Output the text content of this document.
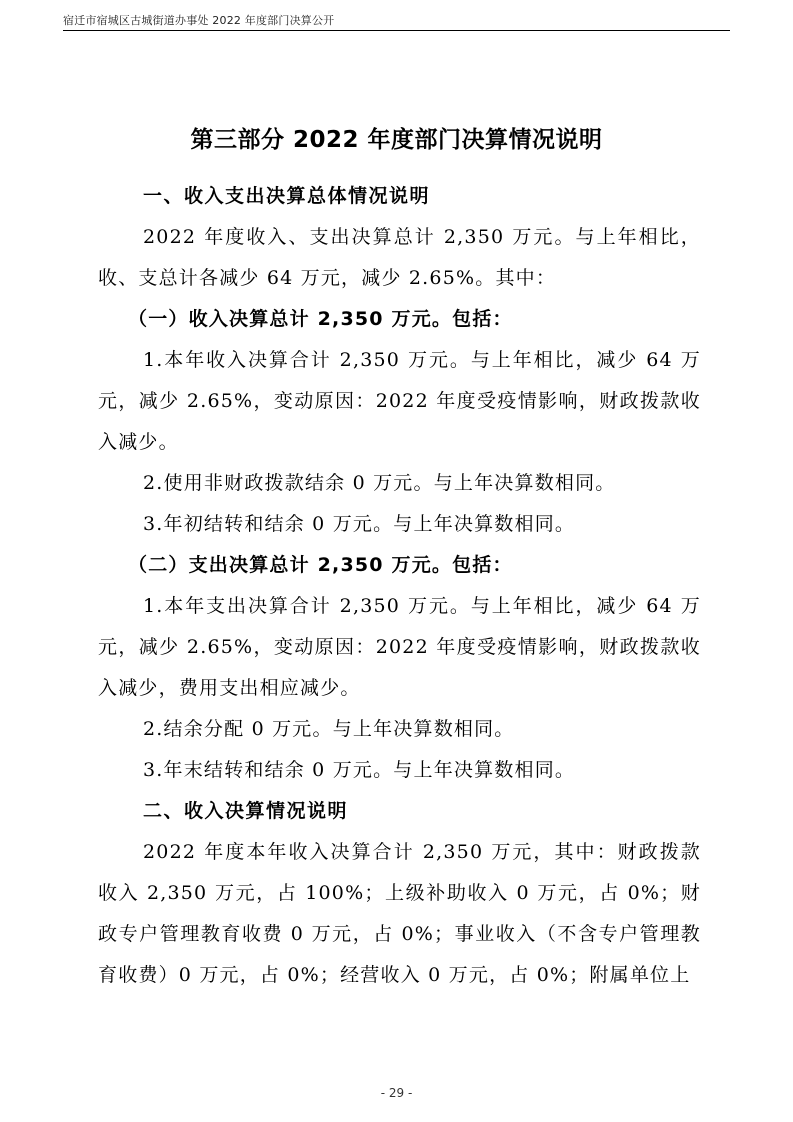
宿迁市宿城区古城街道办事处 2022 年度部门决算公开
第三部分 2022 年度部门决算情况说明

一、收入支出决算总体情况说明

2022 年度收入、支出决算总计 2,350 万元。与上年相比，收、支总计各减少 64 万元，减少 2.65%。其中：

（一）收入决算总计 2,350 万元。包括：

1.本年收入决算合计 2,350 万元。与上年相比，减少 64 万元，减少 2.65%，变动原因：2022 年度受疫情影响，财政拨款收入减少。

2.使用非财政拨款结余 0 万元。与上年决算数相同。

3.年初结转和结余 0 万元。与上年决算数相同。

（二）支出决算总计 2,350 万元。包括：

1.本年支出决算合计 2,350 万元。与上年相比，减少 64 万元，减少 2.65%，变动原因：2022 年度受疫情影响，财政拨款收入减少，费用支出相应减少。

2.结余分配 0 万元。与上年决算数相同。

3.年末结转和结余 0 万元。与上年决算数相同。

二、收入决算情况说明

2022 年度本年收入决算合计 2,350 万元，其中：财政拨款收入 2,350 万元，占 100%；上级补助收入 0 万元，占 0%；财政专户管理教育收费 0 万元，占 0%；事业收入（不含专户管理教育收费）0 万元，占 0%；经营收入 0 万元，占 0%；附属单位上

- 29 -
